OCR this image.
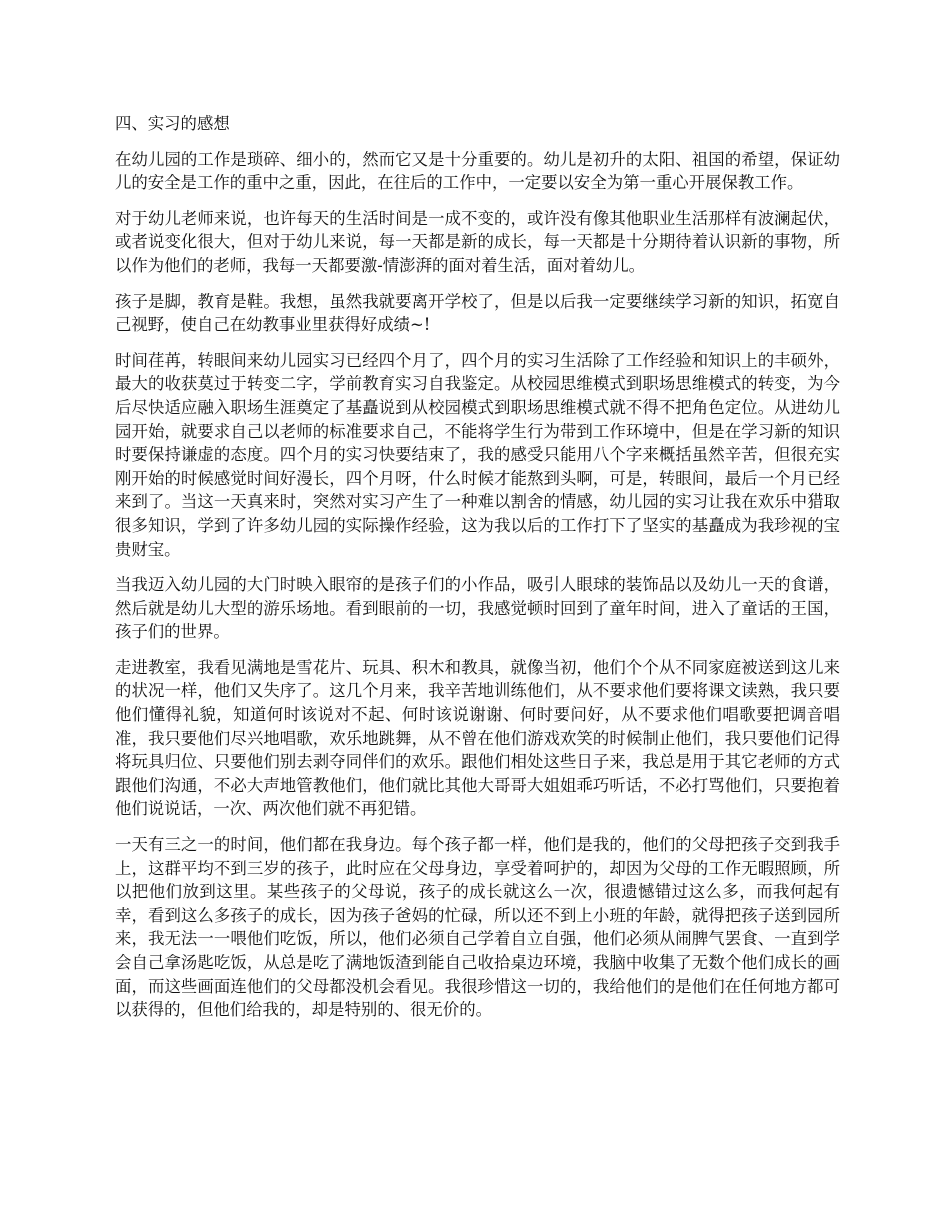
四、实习的感想

在幼儿园的工作是琐碎、细小的，然而它又是十分重要的。幼儿是初升的太阳、祖国的希望，保证幼儿的安全是工作的重中之重，因此，在往后的工作中，一定要以安全为第一重心开展保教工作。

对于幼儿老师来说，也许每天的生活时间是一成不变的，或许没有像其他职业生活那样有波澜起伏，或者说变化很大，但对于幼儿来说，每一天都是新的成长，每一天都是十分期待着认识新的事物，所以作为他们的老师，我每一天都要激-情澎湃的面对着生活，面对着幼儿。

孩子是脚，教育是鞋。我想，虽然我就要离开学校了，但是以后我一定要继续学习新的知识，拓宽自己视野，使自己在幼教事业里获得好成绩~!

时间荏苒，转眼间来幼儿园实习已经四个月了，四个月的实习生活除了工作经验和知识上的丰硕外，最大的收获莫过于转变二字，学前教育实习自我鉴定。从校园思维模式到职场思维模式的转变，为今后尽快适应融入职场生涯奠定了基矗说到从校园模式到职场思维模式就不得不把角色定位。从进幼儿园开始，就要求自己以老师的标准要求自己，不能将学生行为带到工作环境中，但是在学习新的知识时要保持谦虚的态度。四个月的实习快要结束了，我的感受只能用八个字来概括虽然辛苦，但很充实刚开始的时候感觉时间好漫长，四个月呀，什么时候才能熬到头啊，可是，转眼间，最后一个月已经来到了。当这一天真来时，突然对实习产生了一种难以割舍的情感，幼儿园的实习让我在欢乐中猎取很多知识，学到了许多幼儿园的实际操作经验，这为我以后的工作打下了坚实的基矗成为我珍视的宝贵财宝。

当我迈入幼儿园的大门时映入眼帘的是孩子们的小作品，吸引人眼球的装饰品以及幼儿一天的食谱，然后就是幼儿大型的游乐场地。看到眼前的一切，我感觉顿时回到了童年时间，进入了童话的王国，孩子们的世界。

走进教室，我看见满地是雪花片、玩具、积木和教具，就像当初，他们个个从不同家庭被送到这儿来的状况一样，他们又失序了。这几个月来，我辛苦地训练他们，从不要求他们要将课文读熟，我只要他们懂得礼貌，知道何时该说对不起、何时该说谢谢、何时要问好，从不要求他们唱歌要把调音唱准，我只要他们尽兴地唱歌，欢乐地跳舞，从不曾在他们游戏欢笑的时候制止他们，我只要他们记得将玩具归位、只要他们别去剥夺同伴们的欢乐。跟他们相处这些日子来，我总是用于其它老师的方式跟他们沟通，不必大声地管教他们，他们就比其他大哥哥大姐姐乖巧听话，不必打骂他们，只要抱着他们说说话，一次、两次他们就不再犯错。

一天有三之一的时间，他们都在我身边。每个孩子都一样，他们是我的，他们的父母把孩子交到我手上，这群平均不到三岁的孩子，此时应在父母身边，享受着呵护的，却因为父母的工作无暇照顾，所以把他们放到这里。某些孩子的父母说，孩子的成长就这么一次，很遗憾错过这么多，而我何起有幸，看到这么多孩子的成长，因为孩子爸妈的忙碌，所以还不到上小班的年龄，就得把孩子送到园所来，我无法一一喂他们吃饭，所以，他们必须自己学着自立自强，他们必须从闹脾气罢食、一直到学会自己拿汤匙吃饭，从总是吃了满地饭渣到能自己收拾桌边环境，我脑中收集了无数个他们成长的画面，而这些画面连他们的父母都没机会看见。我很珍惜这一切的，我给他们的是他们在任何地方都可以获得的，但他们给我的，却是特别的、很无价的。
